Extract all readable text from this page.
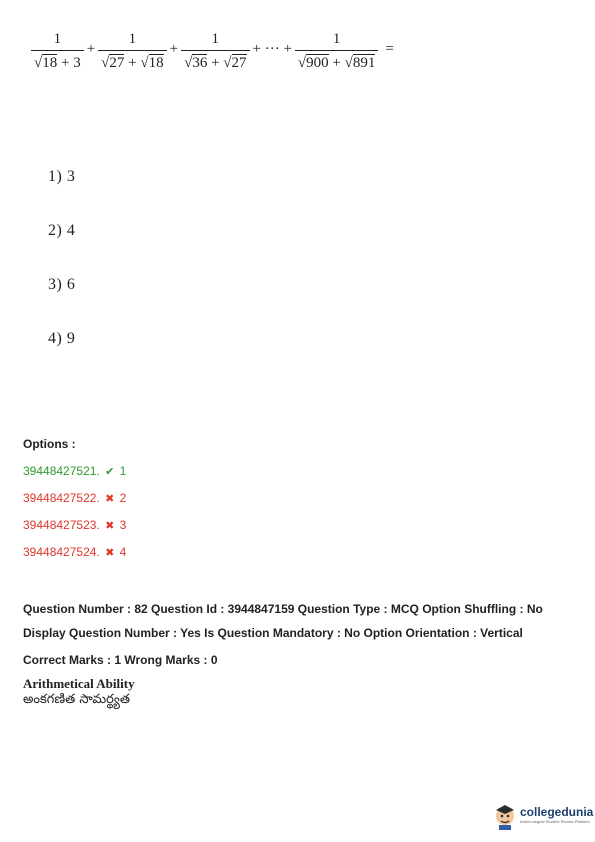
$\frac{1}{√18 + 3} + \frac{1}{√27 + √18} + \frac{1}{√36 + √27}$ + ··· + $\frac{1}{√900 + √891}$ =
1) 3
2) 4
3) 6
4) 9
Options :
39448427521. ✔ 1
39448427522. ✖ 2
39448427523. ✖ 3
39448427524. ✖ 4
Question Number : 82 Question Id : 3944847159 Question Type : MCQ Option Shuffling : No
Display Question Number : Yes Is Question Mandatory : No Option Orientation : Vertical
Correct Marks : 1 Wrong Marks : 0
Arithmetical Ability
అంకగణిత సామర్థ్యత
collegedunia
India's largest Student Review Platform
